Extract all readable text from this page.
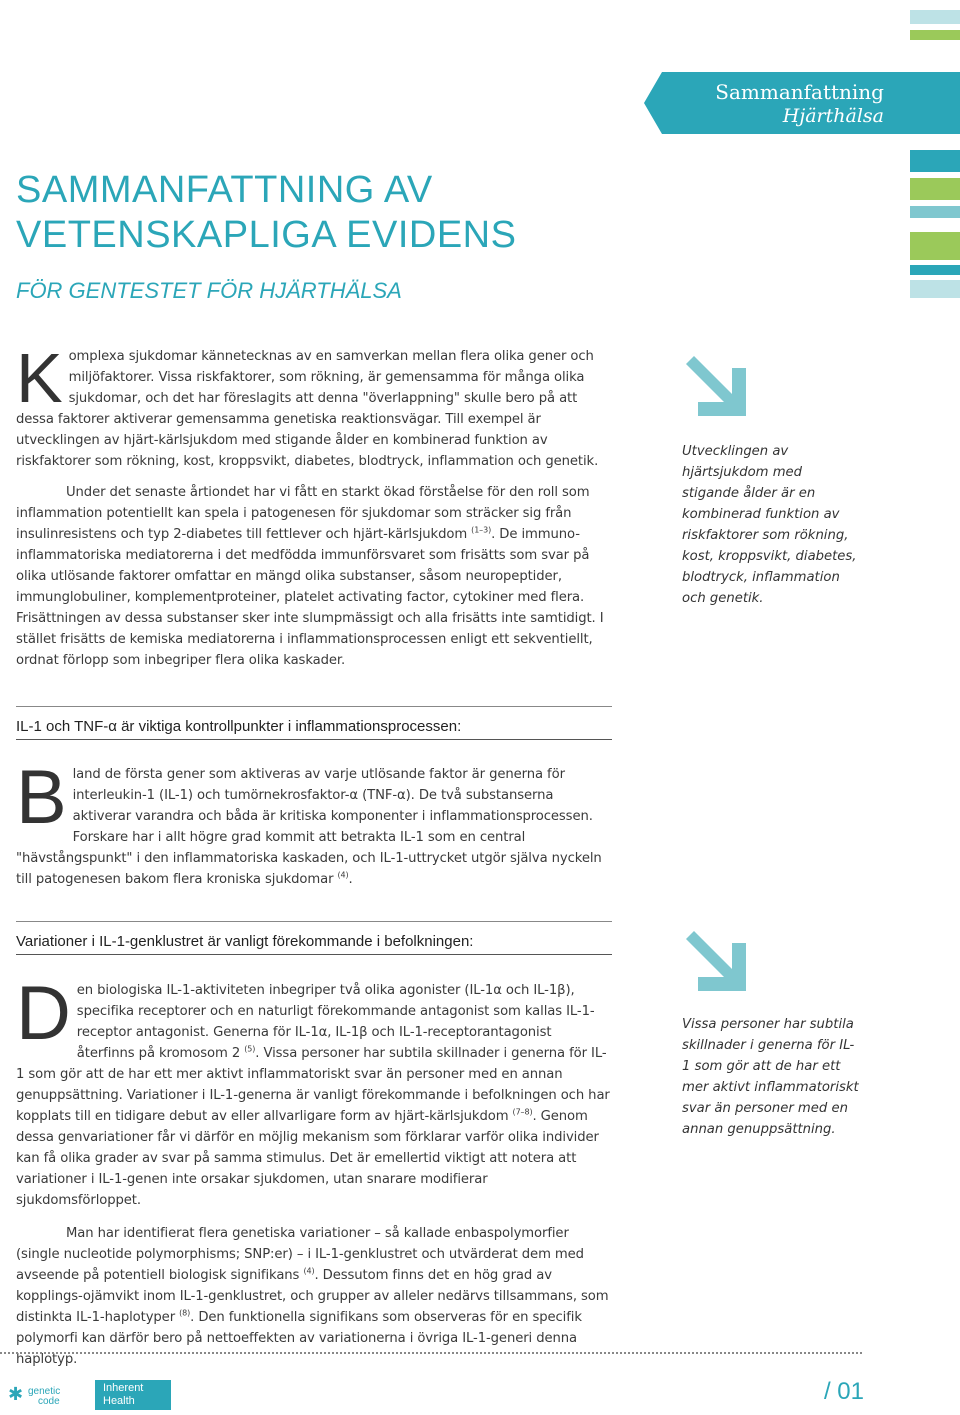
Sammanfattning
Hjärthälsa
SAMMANFATTNING AV
VETENSKAPLIGA EVIDENS
FÖR GENTESTET FÖR HJÄRTHÄLSA

Komplexa sjukdomar kännetecknas av en samverkan mellan flera olika gener och miljöfaktorer. Vissa riskfaktorer, som rökning, är gemensamma för många olika sjukdomar, och det har föreslagits att denna "överlappning" skulle bero på att dessa faktorer aktiverar gemensamma genetiska reaktionsvägar. Till exempel är utvecklingen av hjärt-kärlsjukdom med stigande ålder en kombinerad funktion av riskfaktorer som rökning, kost, kroppsvikt, diabetes, blodtryck, inflammation och genetik.

Under det senaste årtiondet har vi fått en starkt ökad förståelse för den roll som inflammation potentiellt kan spela i patogenesen för sjukdomar som sträcker sig från insulinresistens och typ 2-diabetes till fettlever och hjärt-kärlsjukdom $^{(1-3)}$. De immuno-inflammatoriska mediatorerna i det medfödda immunförsvaret som frisätts som svar på olika utlösande faktorer omfattar en mängd olika substanser, såsom neuropeptider, immunglobuliner, komplementproteiner, platelet activating factor, cytokiner med flera. Frisättningen av dessa substanser sker inte slumpmässigt och alla frisätts inte samtidigt. I stället frisätts de kemiska mediatorerna i inflammationsprocessen enligt ett sekventiellt, ordnat förlopp som inbegriper flera olika kaskader.

Utvecklingen av hjärtsjukdom med stigande ålder är en kombinerad funktion av riskfaktorer som rökning, kost, kroppsvikt, diabetes, blodtryck, inflammation och genetik.
IL-1 och TNF-α är viktiga kontrollpunkter i inflammationsprocessen:

Bland de första gener som aktiveras av varje utlösande faktor är generna för interleukin-1 (IL-1) och tumörnekrosfaktor-α (TNF-α). De två substanserna aktiverar varandra och båda är kritiska komponenter i inflammationsprocessen. Forskare har i allt högre grad kommit att betrakta IL-1 som en central "hävstångspunkt" i den inflammatoriska kaskaden, och IL-1-uttrycket utgör själva nyckeln till patogenesen bakom flera kroniska sjukdomar $^{(4)}$.

Variationer i IL-1-genklustret är vanligt förekommande i befolkningen:

Den biologiska IL-1-aktiviteten inbegriper två olika agonister (IL-1α och IL-1β), specifika receptorer och en naturligt förekommande antagonist som kallas IL-1-receptor antagonist. Generna för IL-1α, IL-1β och IL-1-receptorantagonist återfinns på kromosom 2 $^{(5)}$. Vissa personer har subtila skillnader i generna för IL-1 som gör att de har ett mer aktivt inflammatoriskt svar än personer med en annan genuppsättning. Variationer i IL-1-generna är vanligt förekommande i befolkningen och har kopplats till en tidigare debut av eller allvarligare form av hjärt-kärlsjukdom $^{(7-8)}$. Genom dessa genvariationer får vi därför en möjlig mekanism som förklarar varför olika individer kan få olika grader av svar på samma stimulus. Det är emellertid viktigt att notera att variationer i IL-1-genen inte orsakar sjukdomen, utan snarare modifierar sjukdomsförloppet.

Man har identifierat flera genetiska variationer – så kallade enbaspolymorfier (single nucleotide polymorphisms; SNP:er) – i IL-1-genklustret och utvärderat dem med avseende på potentiell biologisk signifikans $^{(4)}$. Dessutom finns det en hög grad av kopplings-ojämvikt inom IL-1-genklustret, och grupper av alleler nedärvs tillsammans, som distinkta IL-1-haplotyper $^{(8)}$. Den funktionella signifikans som observeras för en specifik polymorfi kan därför bero på nettoeffekten av variationerna i övriga IL-1-generi denna haplotyp.

Vissa personer har subtila skillnader i generna för IL-1 som gör att de har ett mer aktivt inflammatoriskt svar än personer med en annan genuppsättning.
✱ genetic
code
Inherent
Health	/ 01
